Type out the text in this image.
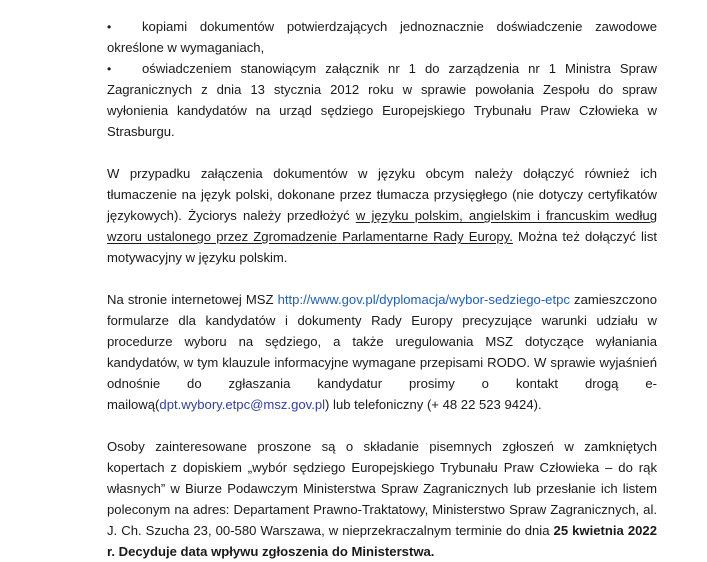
•kopiami dokumentów potwierdzających jednoznacznie doświadczenie zawodowe określone w wymaganiach,

•oświadczeniem stanowiącym załącznik nr 1 do zarządzenia nr 1 Ministra Spraw Zagranicznych z dnia 13 stycznia 2012 roku w sprawie powołania Zespołu do spraw wyłonienia kandydatów na urząd sędziego Europejskiego Trybunału Praw Człowieka w Strasburgu.

W przypadku załączenia dokumentów w języku obcym należy dołączyć również ich tłumaczenie na język polski, dokonane przez tłumacza przysięgłego (nie dotyczy certyfikatów językowych). Życiorys należy przedłożyć w języku polskim, angielskim i francuskim według wzoru ustalonego przez Zgromadzenie Parlamentarne Rady Europy. Można też dołączyć list motywacyjny w języku polskim.

Na stronie internetowej MSZ http://www.gov.pl/dyplomacja/wybor-sedziego-etpc zamieszczono formularze dla kandydatów i dokumenty Rady Europy precyzujące warunki udziału w procedurze wyboru na sędziego, a także uregulowania MSZ dotyczące wyłaniania kandydatów, w tym klauzule informacyjne wymagane przepisami RODO. W sprawie wyjaśnień odnośnie do zgłaszania kandydatur prosimy o kontakt drogą e-mailową(dpt.wybory.etpc@msz.gov.pl) lub telefoniczny (+ 48 22 523 9424).

Osoby zainteresowane proszone są o składanie pisemnych zgłoszeń w zamkniętych kopertach z dopiskiem „wybór sędziego Europejskiego Trybunału Praw Człowieka – do rąk własnych” w Biurze Podawczym Ministerstwa Spraw Zagranicznych lub przesłanie ich listem poleconym na adres: Departament Prawno-Traktatowy, Ministerstwo Spraw Zagranicznych, al. J. Ch. Szucha 23, 00-580 Warszawa, w nieprzekraczalnym terminie do dnia 25 kwietnia 2022 r. Decyduje data wpływu zgłoszenia do Ministerstwa.
